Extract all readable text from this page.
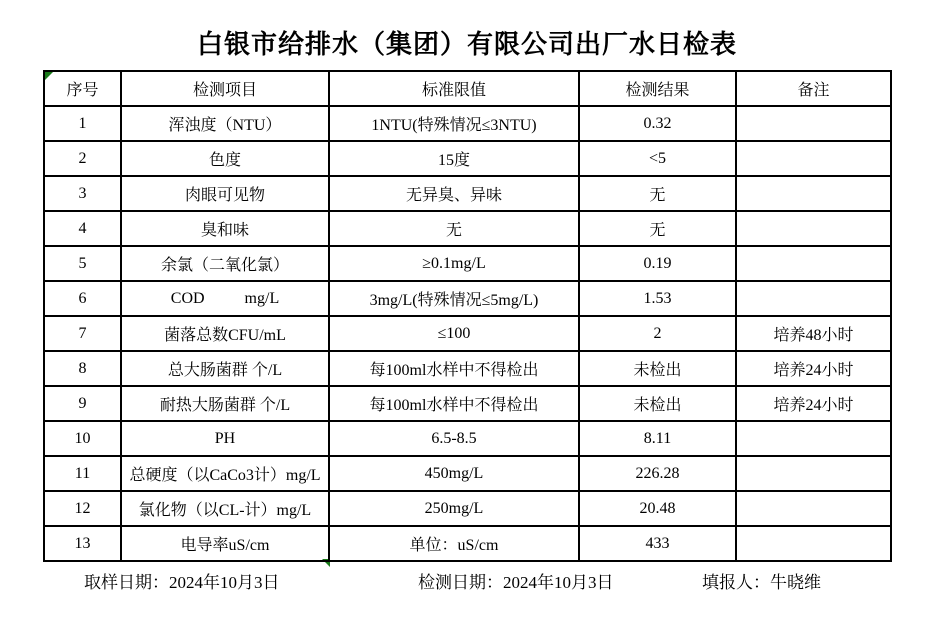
白银市给排水（集团）有限公司出厂水日检表
序号	检测项目	标准限值	检测结果	备注
1	浑浊度（NTU）	1NTU(特殊情况≤3NTU)	0.32	
2	色度	15度	<5	
3	肉眼可见物	无异臭、异味	无	
4	臭和味	无	无	
5	余氯（二氧化氯）	≥0.1mg/L	0.19	
6	COD          mg/L	3mg/L(特殊情况≤5mg/L)	1.53	
7	菌落总数CFU/mL	≤100	2	培养48小时
8	总大肠菌群 个/L	每100ml水样中不得检出	未检出	培养24小时
9	耐热大肠菌群 个/L	每100ml水样中不得检出	未检出	培养24小时
10	PH	6.5-8.5	8.11	
11	总硬度（以CaCo3计）mg/L	450mg/L	226.28	
12	氯化物（以CL-计）mg/L	250mg/L	20.48	
13	电导率uS/cm	单位：uS/cm	433	
取样日期：2024年10月3日	检测日期：2024年10月3日	填报人：牛晓维
